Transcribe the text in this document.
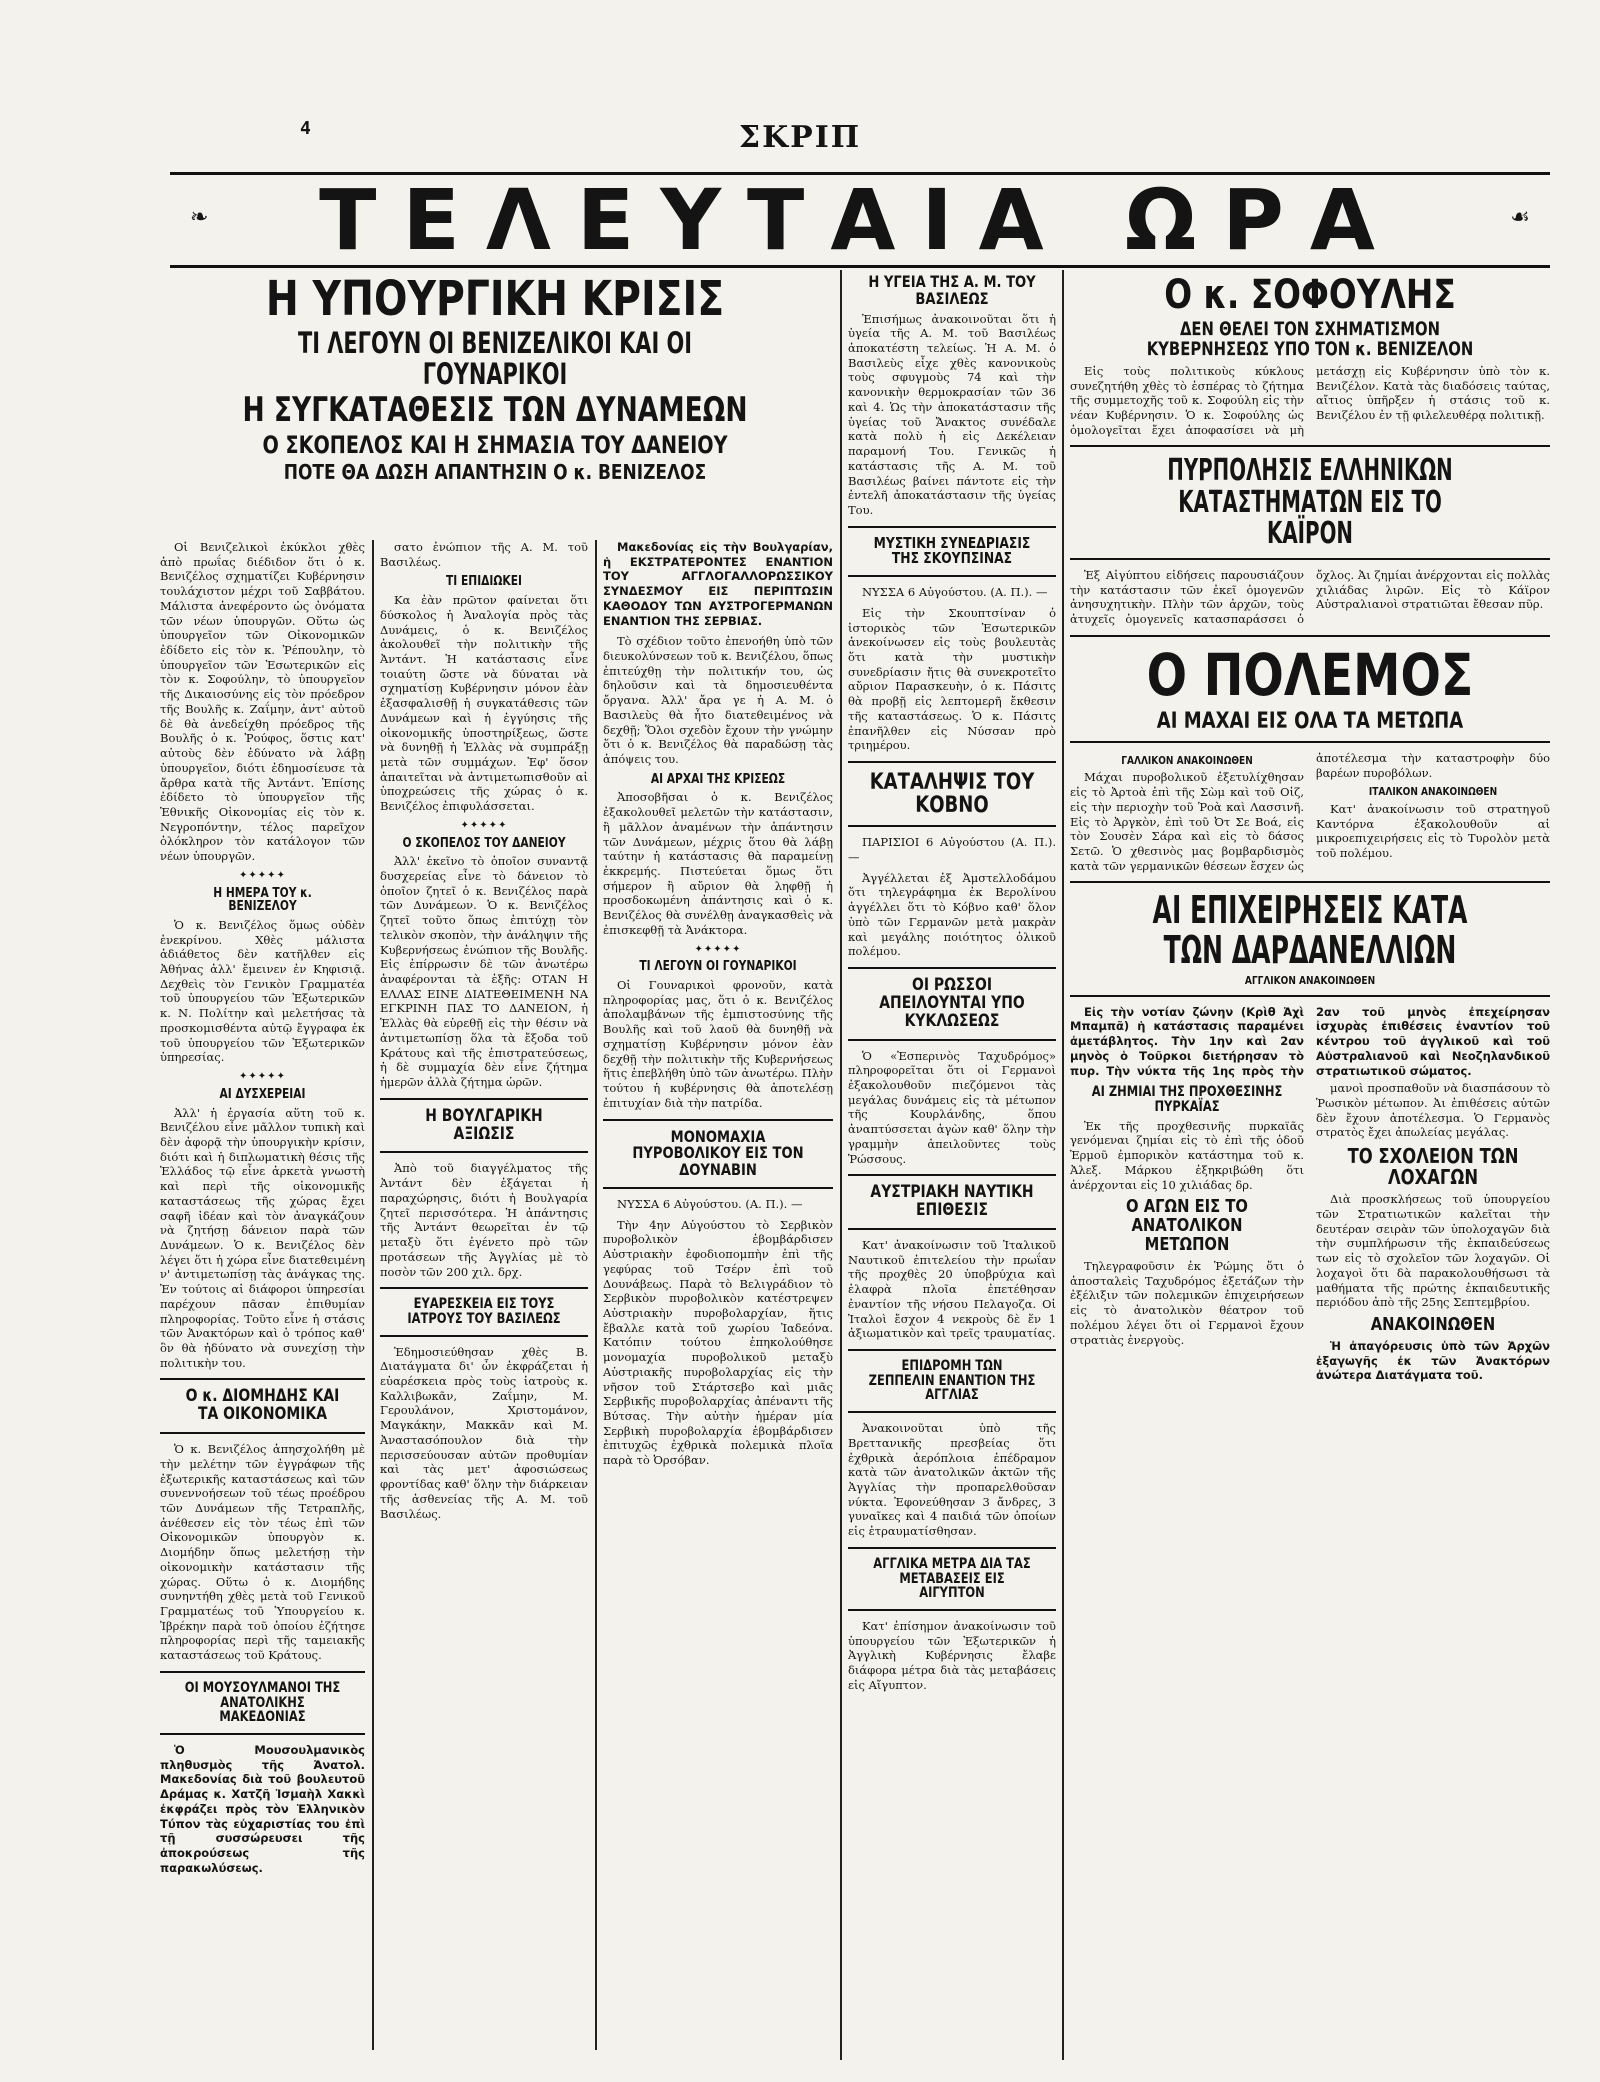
4	ΣΚΡΙΠ
❧ ΤΕΛΕΥΤΑΙΑ ΩΡΑ	☙
Η ΥΠΟΥΡΓΙΚΗ ΚΡΙΣΙΣ
ΤΙ ΛΕΓΟΥΝ ΟΙ ΒΕΝΙΖΕΛΙΚΟΙ ΚΑΙ ΟΙ ΓΟΥΝΑΡΙΚΟΙ
Η ΣΥΓΚΑΤΑΘΕΣΙΣ ΤΩΝ ΔΥΝΑΜΕΩΝ
Ο ΣΚΟΠΕΛΟΣ ΚΑΙ Η ΣΗΜΑΣΙΑ ΤΟΥ ΔΑΝΕΙΟΥ
ΠΟΤΕ ΘΑ ΔΩΣΗ ΑΠΑΝΤΗΣΙΝ Ο κ. ΒΕΝΙΖΕΛΟΣ

Οἱ Βενιζελικοὶ ἐκύκλοι χθὲς ἀπὸ πρωΐας διέδιδον ὅτι ὁ κ. Βενιζέλος σχηματίζει Κυβέρνησιν τουλάχιστον μέχρι τοῦ Σαββάτου. Μάλιστα ἀνεφέροντο ὡς ὀνόματα τῶν νέων ὑπουργῶν. Οὕτω ὡς ὑπουργεῖον τῶν Οἰκονομικῶν ἐδίδετο εἰς τὸν κ. Ῥέπουλην, τὸ ὑπουργεῖον τῶν Ἐσωτερικῶν εἰς τὸν κ. Σοφούλην, τὸ ὑπουργεῖον τῆς Δικαιοσύνης εἰς τὸν πρόεδρον τῆς Βουλῆς κ. Ζαΐμην, ἀντ' αὐτοῦ δὲ θὰ ἀνεδείχθη πρόεδρος τῆς Βουλῆς ὁ κ. Ῥούφος, ὅστις κατ' αὐτοὺς δὲν ἐδύνατο νὰ λάβῃ ὑπουργεῖον, διότι ἐδημοσίευσε τὰ ἄρθρα κατὰ τῆς Ἀντάντ. Ἐπίσης ἐδίδετο τὸ ὑπουργεῖον τῆς Ἐθνικῆς Οἰκονομίας εἰς τὸν κ. Νεγροπόντην, τέλος παρεῖχον ὁλόκληρον τὸν κατάλογον τῶν νέων ὑπουργῶν.

✦✦✦✦✦
Η ΗΜΕΡΑ ΤΟΥ κ. ΒΕΝΙΖΕΛΟΥ

Ὁ κ. Βενιζέλος ὅμως οὐδὲν ἐνεκρίνου. Χθὲς μάλιστα ἀδιάθετος δὲν κατῆλθεν εἰς Ἀθήνας ἀλλ' ἔμεινεν ἐν Κηφισιᾷ. Δεχθεὶς τὸν Γενικὸν Γραμματέα τοῦ ὑπουργείου τῶν Ἐξωτερικῶν κ. Ν. Πολίτην καὶ μελετήσας τὰ προσκομισθέντα αὐτῷ ἔγγραφα ἐκ τοῦ ὑπουργείου τῶν Ἐξωτερικῶν ὑπηρεσίας.

✦✦✦✦✦
ΑΙ ΔΥΣΧΕΡΕΙΑΙ

Ἀλλ' ἡ ἐργασία αὕτη τοῦ κ. Βενιζέλου εἶνε μᾶλλον τυπικὴ καὶ δὲν ἀφορᾷ τὴν ὑπουργικὴν κρίσιν, διότι καὶ ἡ διπλωματικὴ θέσις τῆς Ἑλλάδος τῷ εἶνε ἀρκετὰ γνωστὴ καὶ περὶ τῆς οἰκονομικῆς καταστάσεως τῆς χώρας ἔχει σαφῆ ἰδέαν καὶ τὸν ἀναγκάζουν νὰ ζητήσῃ δάνειον παρὰ τῶν Δυνάμεων. Ὁ κ. Βενιζέλος δὲν λέγει ὅτι ἡ χώρα εἶνε διατεθειμένη ν' ἀντιμετωπίσῃ τὰς ἀνάγκας της. Ἐν τούτοις αἱ διάφοροι ὑπηρεσίαι παρέχουν πᾶσαν ἐπιθυμίαν πληροφορίας. Τοῦτο εἶνε ἡ στάσις τῶν Ἀνακτόρων καὶ ὁ τρόπος καθ' ὃν θὰ ἠδύνατο νὰ συνεχίσῃ τὴν πολιτικὴν του.

Ο κ. ΔΙΟΜΗΔΗΣ ΚΑΙ ΤΑ ΟΙΚΟΝΟΜΙΚΑ

Ὁ κ. Βενιζέλος ἀπησχολήθη μὲ τὴν μελέτην τῶν ἐγγράφων τῆς ἐξωτερικῆς καταστάσεως καὶ τῶν συνεννοήσεων τοῦ τέως προέδρου τῶν Δυνάμεων τῆς Τετραπλῆς, ἀνέθεσεν εἰς τὸν τέως ἐπὶ τῶν Οἰκονομικῶν ὑπουργὸν κ. Διομήδην ὅπως μελετήσῃ τὴν οἰκονομικὴν κατάστασιν τῆς χώρας. Οὕτω ὁ κ. Διομήδης συνηντήθη χθὲς μετὰ τοῦ Γενικοῦ Γραμματέως τοῦ Ὑπουργείου κ. Ἰβρέκην παρὰ τοῦ ὁποίου ἐζήτησε πληροφορίας περὶ τῆς ταμειακῆς καταστάσεως τοῦ Κράτους.

ΟΙ ΜΟΥΣΟΥΛΜΑΝΟΙ ΤΗΣ ΑΝΑΤΟΛΙΚΗΣ ΜΑΚΕΔΟΝΙΑΣ

Ὁ Μουσουλμανικὸς πληθυσμὸς τῆς Ἀνατολ. Μακεδονίας διὰ τοῦ βουλευτοῦ Δράμας κ. Χατζῆ Ἰσμαὴλ Χακκὶ ἐκφράζει πρὸς τὸν Ἑλληνικὸν Τύπον τὰς εὐχαριστίας του ἐπὶ τῇ συσσώρευσει τῆς ἀποκρούσεως τῆς παρακωλύσεως.

σατο ἐνώπιον τῆς Α. Μ. τοῦ Βασιλέως.

ΤΙ ΕΠΙΔΙΩΚΕΙ

Κα ἐὰν πρῶτον φαίνεται ὅτι δύσκολος ἡ Ἀναλογία πρὸς τὰς Δυνάμεις, ὁ κ. Βενιζέλος ἀκολουθεῖ τὴν πολιτικὴν τῆς Ἀντάντ. Ἡ κατάστασις εἶνε τοιαύτη ὥστε νὰ δύναται νὰ σχηματίσῃ Κυβέρνησιν μόνον ἐὰν ἐξασφαλισθῇ ἡ συγκατάθεσις τῶν Δυνάμεων καὶ ἡ ἐγγύησις τῆς οἰκονομικῆς ὑποστηρίξεως, ὥστε νὰ δυνηθῇ ἡ Ἑλλὰς νὰ συμπράξῃ μετὰ τῶν συμμάχων. Ἐφ' ὅσον ἀπαιτεῖται νὰ ἀντιμετωπισθοῦν αἱ ὑποχρεώσεις τῆς χώρας ὁ κ. Βενιζέλος ἐπιφυλάσσεται.

✦✦✦✦✦
Ο ΣΚΟΠΕΛΟΣ ΤΟΥ ΔΑΝΕΙΟΥ

Ἀλλ' ἐκεῖνο τὸ ὁποῖον συναντᾷ δυσχερείας εἶνε τὸ δάνειον τὸ ὁποῖον ζητεῖ ὁ κ. Βενιζέλος παρὰ τῶν Δυνάμεων. Ὁ κ. Βενιζέλος ζητεῖ τοῦτο ὅπως ἐπιτύχῃ τὸν τελικὸν σκοπὸν, τὴν ἀνάληψιν τῆς Κυβερνήσεως ἐνώπιον τῆς Βουλῆς. Εἰς ἐπίρρωσιν δὲ τῶν ἀνωτέρω ἀναφέρονται τὰ ἑξῆς: ΟΤΑΝ Η ΕΛΛΑΣ ΕΙΝΕ ΔΙΑΤΕΘΕΙΜΕΝΗ ΝΑ ΕΓΚΡΙΝΗ ΠΑΣ ΤΟ ΔΑΝΕΙΟΝ, ἡ Ἑλλὰς θὰ εὑρεθῇ εἰς τὴν θέσιν νὰ ἀντιμετωπίσῃ ὅλα τὰ ἔξοδα τοῦ Κράτους καὶ τῆς ἐπιστρατεύσεως, ἡ δὲ συμμαχία δὲν εἶνε ζήτημα ἡμερῶν ἀλλὰ ζήτημα ὡρῶν.

Η ΒΟΥΛΓΑΡΙΚΗ ΑΞΙΩΣΙΣ

Ἀπὸ τοῦ διαγγέλματος τῆς Ἀντάντ δὲν ἐξάγεται ἡ παραχώρησις, διότι ἡ Βουλγαρία ζητεῖ περισσότερα. Ἡ ἀπάντησις τῆς Ἀντάντ θεωρεῖται ἐν τῷ μεταξὺ ὅτι ἐγένετο πρὸ τῶν προτάσεων τῆς Ἀγγλίας μὲ τὸ ποσὸν τῶν 200 χιλ. δρχ.

ΕΥΑΡΕΣΚΕΙΑ ΕΙΣ ΤΟΥΣ ΙΑΤΡΟΥΣ ΤΟΥ ΒΑΣΙΛΕΩΣ

Ἐδημοσιεύθησαν χθὲς Β. Διατάγματα δι' ὧν ἐκφράζεται ἡ εὐαρέσκεια πρὸς τοὺς ἰατροὺς κ. Καλλιβωκᾶν, Ζαΐμην, Μ. Γερουλάνον, Χριστομάνον, Μαγκάκην, Μακκᾶν καὶ Μ. Ἀναστασόπουλον διὰ τὴν περισσεύουσαν αὐτῶν προθυμίαν καὶ τὰς μετ' ἀφοσιώσεως φροντίδας καθ' ὅλην τὴν διάρκειαν τῆς ἀσθενείας τῆς Α. Μ. τοῦ Βασιλέως.

Μακεδονίας εἰς τὴν Βουλγαρίαν, ἡ ΕΚΣΤΡΑΤΕΡΟΝΤΕΣ ΕΝΑΝΤΙΟΝ ΤΟΥ ΑΓΓΛΟΓΑΛΛΟΡΩΣΣΙΚΟΥ ΣΥΝΔΕΣΜΟΥ ΕΙΣ ΠΕΡΙΠΤΩΣΙΝ ΚΑΘΟΔΟΥ ΤΩΝ ΑΥΣΤΡΟΓΕΡΜΑΝΩΝ ΕΝΑΝΤΙΟΝ ΤΗΣ ΣΕΡΒΙΑΣ.

Τὸ σχέδιον τοῦτο ἐπενοήθη ὑπὸ τῶν διευκολύνσεων τοῦ κ. Βενιζέλου, ὅπως ἐπιτεύχθῃ τὴν πολιτικήν του, ὡς δηλοῦσιν καὶ τὰ δημοσιευθέντα ὄργανα. Ἀλλ' ἄρα γε ἡ Α. Μ. ὁ Βασιλεὺς θὰ ἦτο διατεθειμένος νὰ δεχθῇ; Ὅλοι σχεδὸν ἔχουν τὴν γνώμην ὅτι ὁ κ. Βενιζέλος θὰ παραδώσῃ τὰς ἀπόψεις του.

ΑΙ ΑΡΧΑΙ ΤΗΣ ΚΡΙΣΕΩΣ

Ἀποσοβῆσαι ὁ κ. Βενιζέλος ἐξακολουθεῖ μελετῶν τὴν κατάστασιν, ἢ μᾶλλον ἀναμένων τὴν ἀπάντησιν τῶν Δυνάμεων, μέχρις ὅτου θὰ λάβῃ ταύτην ἡ κατάστασις θὰ παραμείνῃ ἐκκρεμής. Πιστεύεται ὅμως ὅτι σήμερον ἢ αὔριον θὰ ληφθῇ ἡ προσδοκωμένη ἀπάντησις καὶ ὁ κ. Βενιζέλος θὰ συνέλθῃ ἀναγκασθεὶς νὰ ἐπισκεφθῇ τὰ Ἀνάκτορα.

✦✦✦✦✦
ΤΙ ΛΕΓΟΥΝ ΟΙ ΓΟΥΝΑΡΙΚΟΙ

Οἱ Γουναρικοὶ φρονοῦν, κατὰ πληροφορίας μας, ὅτι ὁ κ. Βενιζέλος ἀπολαμβάνων τῆς ἐμπιστοσύνης τῆς Βουλῆς καὶ τοῦ λαοῦ θὰ δυνηθῇ νὰ σχηματίσῃ Κυβέρνησιν μόνον ἐὰν δεχθῇ τὴν πολιτικὴν τῆς Κυβερνήσεως ἥτις ἐπεβλήθη ὑπὸ τῶν ἀνωτέρω. Πλὴν τούτου ἡ κυβέρνησις θὰ ἀποτελέσῃ ἐπιτυχίαν διὰ τὴν πατρίδα.

ΜΟΝΟΜΑΧΙΑ ΠΥΡΟΒΟΛΙΚΟΥ ΕΙΣ ΤΟΝ ΔΟΥΝΑΒΙΝ

ΝΥΣΣΑ 6 Αὐγούστου. (Α. Π.). —

Τὴν 4ην Αὐγούστου τὸ Σερβικὸν πυροβολικὸν ἐβομβάρδισεν Αὐστριακὴν ἐφοδιοπομπὴν ἐπὶ τῆς γεφύρας τοῦ Τσέρν ἐπὶ τοῦ Δουνάβεως. Παρὰ τὸ Βελιγράδιον τὸ Σερβικὸν πυροβολικὸν κατέστρεψεν Αὐστριακὴν πυροβολαρχίαν, ἥτις ἔβαλλε κατὰ τοῦ χωρίου Ἰαδεόνα. Κατόπιν τούτου ἐπηκολούθησε μονομαχία πυροβολικοῦ μεταξὺ Αὐστριακῆς πυροβολαρχίας εἰς τὴν νῆσον τοῦ Στάρτσεβο καὶ μιᾶς Σερβικῆς πυροβολαρχίας ἀπέναντι τῆς Βύτσας. Τὴν αὐτὴν ἡμέραν μία Σερβικὴ πυροβολαρχία ἐβομβάρδισεν ἐπιτυχῶς ἐχθρικὰ πολεμικὰ πλοῖα παρὰ τὸ Ὀρσόβαν.

Η ΥΓΕΙΑ ΤΗΣ Α. Μ. ΤΟΥ ΒΑΣΙΛΕΩΣ

Ἐπισήμως ἀνακοινοῦται ὅτι ἡ ὑγεία τῆς Α. Μ. τοῦ Βασιλέως ἀποκατέστη τελείως. Ἡ Α. Μ. ὁ Βασιλεὺς εἶχε χθὲς κανονικοὺς τοὺς σφυγμοὺς 74 καὶ τὴν κανονικὴν θερμοκρασίαν τῶν 36 καὶ 4. Ὡς τὴν ἀποκατάστασιν τῆς ὑγείας τοῦ Ἄνακτος συνέδαλε κατὰ πολὺ ἡ εἰς Δεκέλειαν παραμονή Του. Γενικῶς ἡ κατάστασις τῆς Α. Μ. τοῦ Βασιλέως βαίνει πάντοτε εἰς τὴν ἐντελῆ ἀποκατάστασιν τῆς ὑγείας Του.

ΜΥΣΤΙΚΗ ΣΥΝΕΔΡΙΑΣΙΣ ΤΗΣ ΣΚΟΥΠΣΙΝΑΣ

ΝΥΣΣΑ 6 Αὐγούστου. (Α. Π.). —

Εἰς τὴν Σκουπτσίναν ὁ ἱστορικὸς τῶν Ἐσωτερικῶν ἀνεκοίνωσεν εἰς τοὺς βουλευτὰς ὅτι κατὰ τὴν μυστικὴν συνεδρίασιν ἤτις θὰ συνεκροτεῖτο αὔριον Παρασκευὴν, ὁ κ. Πάσιτς θὰ προβῇ εἰς λεπτομερῆ ἔκθεσιν τῆς καταστάσεως. Ὁ κ. Πάσιτς ἐπανῆλθεν εἰς Νύσσαν πρὸ τριημέρου.

ΚΑΤΑΛΗΨΙΣ ΤΟΥ ΚΟΒΝΟ

ΠΑΡΙΣΙΟΙ 6 Αὐγούστου (Α. Π.). —

Ἀγγέλλεται ἐξ Ἀμστελλοδάμου ὅτι τηλεγράφημα ἐκ Βερολίνου ἀγγέλλει ὅτι τὸ Κόβνο καθ' ὅλον ὑπὸ τῶν Γερμανῶν μετὰ μακρὰν καὶ μεγάλης ποιότητος ὁλικοῦ πολέμου.

ΟΙ ΡΩΣΣΟΙ ΑΠΕΙΛΟΥΝΤΑΙ ΥΠΟ ΚΥΚΛΩΣΕΩΣ

Ὁ «Ἑσπερινὸς Ταχυδρόμος» πληροφορεῖται ὅτι οἱ Γερμανοὶ ἐξακολουθοῦν πιεζόμενοι τὰς μεγάλας δυνάμεις εἰς τὰ μέτωπον τῆς Κουρλάνδης, ὅπου ἀναπτύσσεται ἀγὼν καθ' ὅλην τὴν γραμμὴν ἀπειλοῦντες τοὺς Ῥώσσους.

ΑΥΣΤΡΙΑΚΗ ΝΑΥΤΙΚΗ ΕΠΙΘΕΣΙΣ

Κατ' ἀνακοίνωσιν τοῦ Ἰταλικοῦ Ναυτικοῦ ἐπιτελείου τὴν πρωΐαν τῆς προχθὲς 20 ὑποβρύχια καὶ ἐλαφρὰ πλοῖα ἐπετέθησαν ἐναντίον τῆς νήσου Πελαγοζα. Οἱ Ἰταλοὶ ἔσχον 4 νεκροὺς δὲ ἕν 1 ἀξιωματικὸν καὶ τρεῖς τραυματίας.

ΕΠΙΔΡΟΜΗ ΤΩΝ ΖΕΠΠΕΛΙΝ ΕΝΑΝΤΙΟΝ ΤΗΣ ΑΓΓΛΙΑΣ

Ἀνακοινοῦται ὑπὸ τῆς Βρεττανικῆς πρεσβείας ὅτι ἐχθρικὰ ἀερόπλοια ἐπέδραμον κατὰ τῶν ἀνατολικῶν ἀκτῶν τῆς Ἀγγλίας τὴν προπαρελθοῦσαν νύκτα. Ἐφονεύθησαν 3 ἄνδρες, 3 γυναῖκες καὶ 4 παιδιά τῶν ὁποίων εἰς ἐτραυματίσθησαν.

ΑΓΓΛΙΚΑ ΜΕΤΡΑ ΔΙΑ ΤΑΣ ΜΕΤΑΒΑΣΕΙΣ ΕΙΣ ΑΙΓΥΠΤΟΝ

Κατ' ἐπίσημον ἀνακοίνωσιν τοῦ ὑπουργείου τῶν Ἐξωτερικῶν ἡ Ἀγγλικὴ Κυβέρνησις ἔλαβε διάφορα μέτρα διὰ τὰς μεταβάσεις εἰς Αἴγυπτον.

Ο κ. ΣΟΦΟΥΛΗΣ
ΔΕΝ ΘΕΛΕΙ ΤΟΝ ΣΧΗΜΑΤΙΣΜΟΝ ΚΥΒΕΡΝΗΣΕΩΣ ΥΠΟ ΤΟΝ κ. ΒΕΝΙΖΕΛΟΝ

Εἰς τοὺς πολιτικοὺς κύκλους συνεζητήθη χθὲς τὸ ἑσπέρας τὸ ζήτημα τῆς συμμετοχῆς τοῦ κ. Σοφούλη εἰς τὴν νέαν Κυβέρνησιν. Ὁ κ. Σοφούλης ὡς ὁμολογεῖται ἔχει ἀποφασίσει νὰ μὴ μετάσχῃ εἰς Κυβέρνησιν ὑπὸ τὸν κ. Βενιζέλον. Κατὰ τὰς διαδόσεις ταύτας, αἴτιος ὑπῆρξεν ἡ στάσις τοῦ κ. Βενιζέλου ἐν τῇ φιλελευθέρᾳ πολιτικῇ.

ΠΥΡΠΟΛΗΣΙΣ ΕΛΛΗΝΙΚΩΝ ΚΑΤΑΣΤΗΜΑΤΩΝ ΕΙΣ ΤΟ ΚΑΪΡΟΝ

Ἐξ Αἰγύπτου εἰδήσεις παρουσιάζουν τὴν κατάστασιν τῶν ἐκεῖ ὁμογενῶν ἀνησυχητικὴν. Πλὴν τῶν ἀρχῶν, τοὺς ἀτυχεῖς ὁμογενεῖς κατασπαράσσει ὁ ὄχλος. Ἀι ζημίαι ἀνέρχονται εἰς πολλὰς χιλιάδας λιρῶν. Εἰς τὸ Κάϊρον Αὐστραλιανοὶ στρατιῶται ἔθεσαν πῦρ.

Ο ΠΟΛΕΜΟΣ
ΑΙ ΜΑΧΑΙ ΕΙΣ ΟΛΑ ΤΑ ΜΕΤΩΠΑ
ΓΑΛΛΙΚΟΝ ΑΝΑΚΟΙΝΩΘΕΝ

Μάχαι πυροβολικοῦ ἐξετυλίχθησαν εἰς τὸ Ἀρτοὰ ἐπὶ τῆς Σὼμ καὶ τοῦ Οἰζ, εἰς τὴν περιοχὴν τοῦ Ῥοὰ καὶ Λασσινῆ. Εἰς τὸ Ἀργκὸν, ἐπὶ τοῦ Ὀτ Σε Βοά, εἰς τὸν Σουσὲν Σάρα καὶ εἰς τὸ δάσος Σετῶ. Ὁ χθεσινὸς μας βομβαρδισμὸς κατὰ τῶν γερμανικῶν θέσεων ἔσχεν ὡς ἀποτέλεσμα τὴν καταστροφὴν δύο βαρέων πυροβόλων.

ΙΤΑΛΙΚΟΝ ΑΝΑΚΟΙΝΩΘΕΝ

Κατ' ἀνακοίνωσιν τοῦ στρατηγοῦ Καντόρνα ἐξακολουθοῦν αἱ μικροεπιχειρήσεις εἰς τὸ Τυρολὸν μετὰ τοῦ πολέμου.

ΑΙ ΕΠΙΧΕΙΡΗΣΕΙΣ ΚΑΤΑ ΤΩΝ ΔΑΡΔΑΝΕΛΛΙΩΝ
ΑΓΓΛΙΚΟΝ ΑΝΑΚΟΙΝΩΘΕΝ

Εἰς τὴν νοτίαν ζώνην (Κρὶθ Ἀχὶ Μπαμπᾶ) ἡ κατάστασις παραμένει ἀμετάβλητος. Τὴν 1ην καὶ 2αν μηνὸς ὁ Τοῦρκοι διετήρησαν τὸ πυρ. Τὴν νύκτα τῆς 1ης πρὸς τὴν 2αν τοῦ μηνὸς ἐπεχείρησαν ἰσχυρὰς ἐπιθέσεις ἐναντίον τοῦ κέντρου τοῦ ἀγγλικοῦ καὶ τοῦ Αὐστραλιανοῦ καὶ Νεοζηλανδικοῦ στρατιωτικοῦ σώματος.

ΑΙ ΖΗΜΙΑΙ ΤΗΣ ΠΡΟΧΘΕΣΙΝΗΣ ΠΥΡΚΑΪΑΣ

Ἐκ τῆς προχθεσινῆς πυρκαϊᾶς γενόμεναι ζημίαι εἰς τὸ ἐπὶ τῆς ὁδοῦ Ἑρμοῦ ἐμπορικὸν κατάστημα τοῦ κ. Ἀλεξ. Μάρκου ἐξηκριβώθη ὅτι ἀνέρχονται εἰς 10 χιλιάδας δρ.

Ο ΑΓΩΝ ΕΙΣ ΤΟ ΑΝΑΤΟΛΙΚΟΝ ΜΕΤΩΠΟΝ

Τηλεγραφοῦσιν ἐκ Ῥώμης ὅτι ὁ ἀποσταλεὶς Ταχυδρόμος ἐξετάζων τὴν ἐξέλιξιν τῶν πολεμικῶν ἐπιχειρήσεων εἰς τὸ ἀνατολικὸν θέατρον τοῦ πολέμου λέγει ὅτι οἱ Γερμανοὶ ἔχουν στρατιὰς ἐνεργοὺς.

μανοὶ προσπαθοῦν νὰ διασπάσουν τὸ Ῥωσικὸν μέτωπον. Ἀι ἐπιθέσεις αὐτῶν δὲν ἔχουν ἀποτέλεσμα. Ὁ Γερμανὸς στρατὸς ἔχει ἀπωλείας μεγάλας.

ΤΟ ΣΧΟΛΕΙΟΝ ΤΩΝ ΛΟΧΑΓΩΝ

Διὰ προσκλήσεως τοῦ ὑπουργείου τῶν Στρατιωτικῶν καλεῖται τὴν δευτέραν σειρὰν τῶν ὑπολοχαγῶν διὰ τὴν συμπλήρωσιν τῆς ἐκπαιδεύσεως των εἰς τὸ σχολεῖον τῶν λοχαγῶν. Οἱ λοχαγοὶ ὅτι δὰ παρακολουθήσωσι τὰ μαθήματα τῆς πρώτης ἐκπαιδευτικῆς περιόδου ἀπὸ τῆς 25ης Σεπτεμβρίου.

ΑΝΑΚΟΙΝΩΘΕΝ

Ἡ ἀπαγόρευσις ὑπὸ τῶν Ἀρχῶν ἐξαγωγῆς ἐκ τῶν Ἀνακτόρων ἀνώτερα Διατάγματα τοῦ.
